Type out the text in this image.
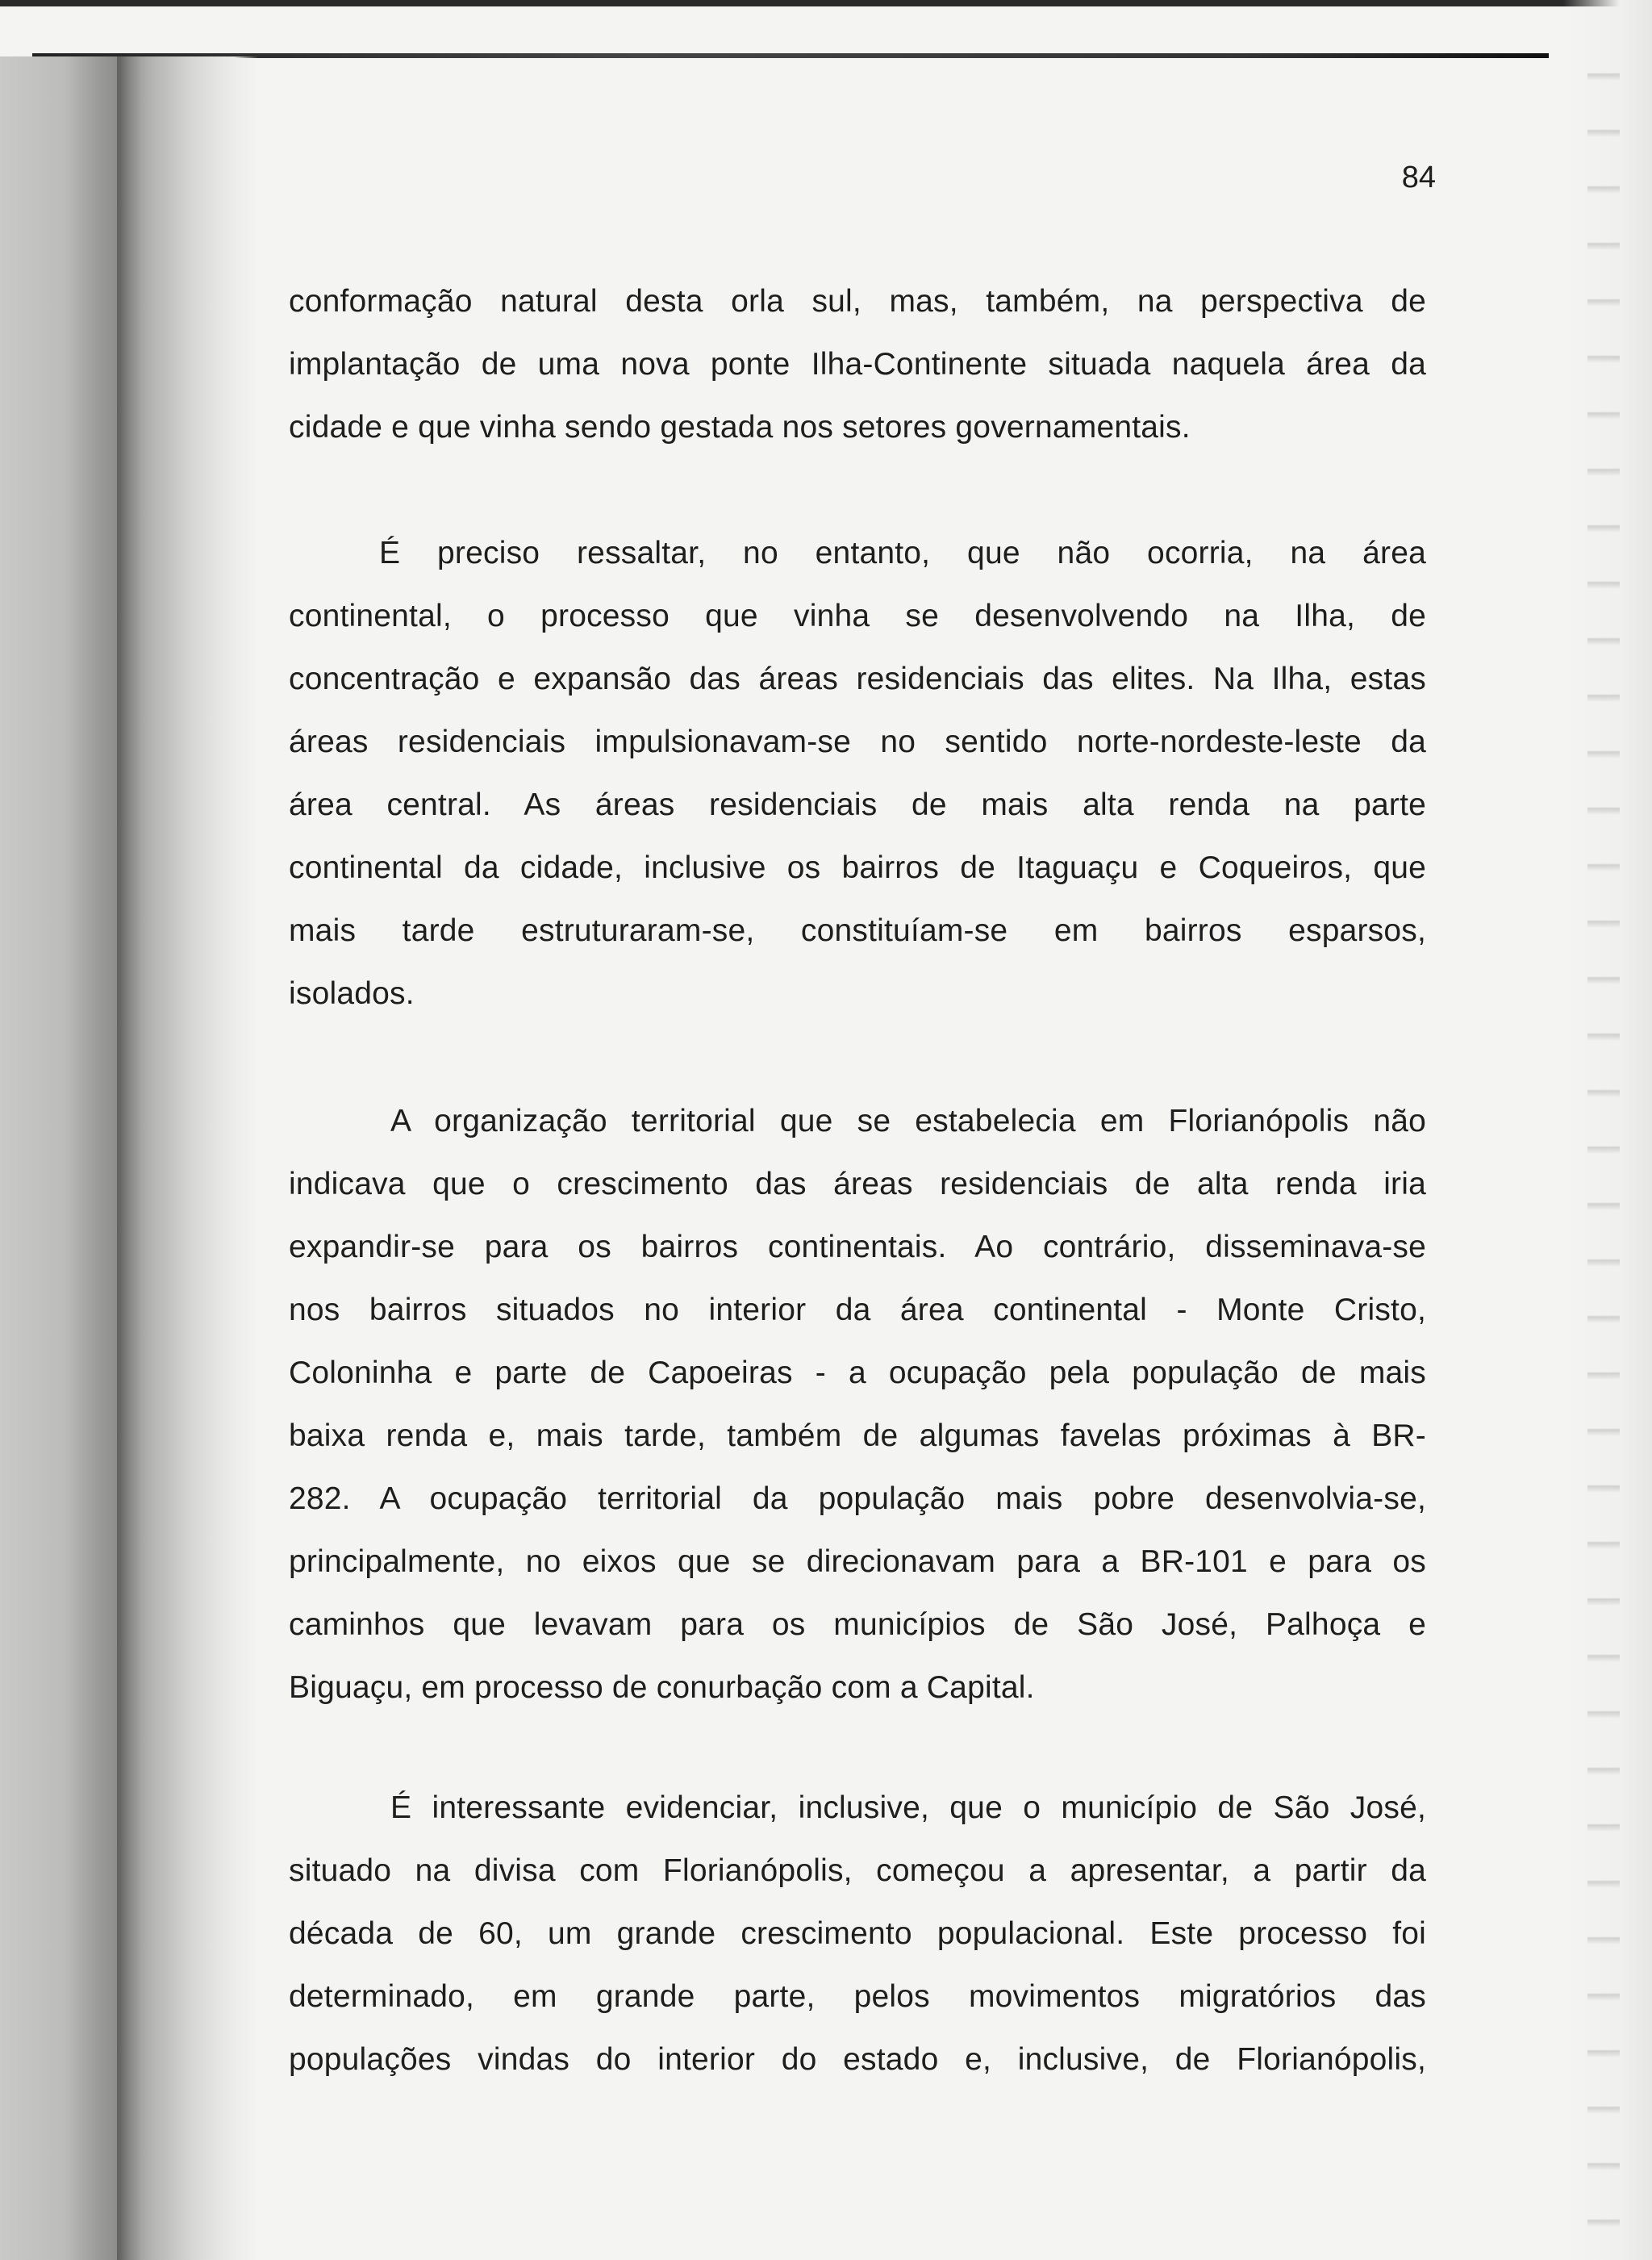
84
conformação natural desta orla sul, mas, também, na perspectiva de
implantação de uma nova ponte Ilha-Continente situada naquela área da
cidade e que vinha sendo gestada nos setores governamentais.
É preciso ressaltar, no entanto, que não ocorria, na área
continental, o processo que vinha se desenvolvendo na Ilha, de
concentração e expansão das áreas residenciais das elites. Na Ilha, estas
áreas residenciais impulsionavam-se no sentido norte-nordeste-leste da
área central. As áreas residenciais de mais alta renda na parte
continental da cidade, inclusive os bairros de Itaguaçu e Coqueiros, que
mais tarde estruturaram-se, constituíam-se em bairros esparsos,
isolados.
A organização territorial que se estabelecia em Florianópolis não
indicava que o crescimento das áreas residenciais de alta renda iria
expandir-se para os bairros continentais. Ao contrário, disseminava-se
nos bairros situados no interior da área continental - Monte Cristo,
Coloninha e parte de Capoeiras - a ocupação pela população de mais
baixa renda e, mais tarde, também de algumas favelas próximas à BR-
282. A ocupação territorial da população mais pobre desenvolvia-se,
principalmente, no eixos que se direcionavam para a BR-101 e para os
caminhos que levavam para os municípios de São José, Palhoça e
Biguaçu, em processo de conurbação com a Capital.
É interessante evidenciar, inclusive, que o município de São José,
situado na divisa com Florianópolis, começou a apresentar, a partir da
década de 60, um grande crescimento populacional. Este processo foi
determinado, em grande parte, pelos movimentos migratórios das
populações vindas do interior do estado e, inclusive, de Florianópolis,
